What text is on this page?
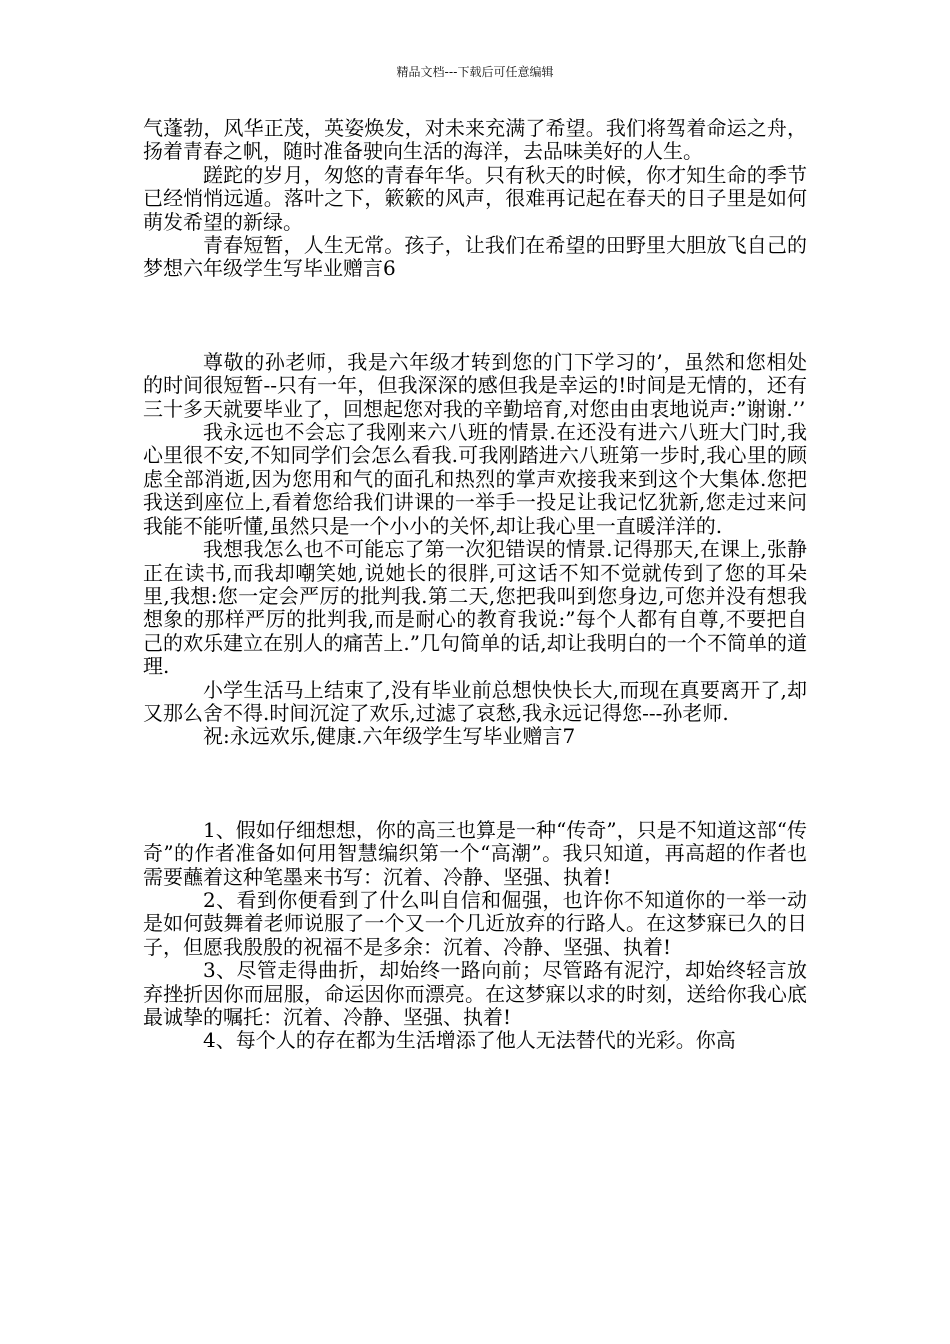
精品文档---下载后可任意编辑

气蓬勃，风华正茂，英姿焕发，对未来充满了希望。我们将驾着命运之舟，扬着青春之帆，随时准备驶向生活的海洋，去品味美好的人生。

蹉跎的岁月，匆悠的青春年华。只有秋天的时候，你才知生命的季节已经悄悄远遁。落叶之下，簌簌的风声，很难再记起在春天的日子里是如何萌发希望的新绿。

青春短暂，人生无常。孩子，让我们在希望的田野里大胆放飞自己的梦想六年级学生写毕业赠言6

尊敬的孙老师，我是六年级才转到您的门下学习的’，虽然和您相处的时间很短暂--只有一年，但我深深的感但我是幸运的!时间是无情的，还有三十多天就要毕业了，回想起您对我的辛勤培育,对您由由衷地说声:”谢谢.’’

我永远也不会忘了我刚来六八班的情景.在还没有进六八班大门时,我心里很不安,不知同学们会怎么看我.可我刚踏进六八班第一步时,我心里的顾虑全部消逝,因为您用和气的面孔和热烈的掌声欢接我来到这个大集体.您把我送到座位上,看着您给我们讲课的一举手一投足让我记忆犹新,您走过来问我能不能听懂,虽然只是一个小小的关怀,却让我心里一直暖洋洋的.

我想我怎么也不可能忘了第一次犯错误的情景.记得那天,在课上,张静正在读书,而我却嘲笑她,说她长的很胖,可这话不知不觉就传到了您的耳朵里,我想:您一定会严厉的批判我.第二天,您把我叫到您身边,可您并没有想我想象的那样严厉的批判我,而是耐心的教育我说:”每个人都有自尊,不要把自己的欢乐建立在别人的痛苦上.”几句简单的话,却让我明白的一个不简单的道理.

小学生活马上结束了,没有毕业前总想快快长大,而现在真要离开了,却又那么舍不得.时间沉淀了欢乐,过滤了哀愁,我永远记得您---孙老师.

祝:永远欢乐,健康.六年级学生写毕业赠言7

1、假如仔细想想，你的高三也算是一种“传奇”，只是不知道这部“传奇”的作者准备如何用智慧编织第一个“高潮”。我只知道，再高超的作者也需要蘸着这种笔墨来书写：沉着、冷静、坚强、执着!

2、看到你便看到了什么叫自信和倔强，也许你不知道你的一举一动是如何鼓舞着老师说服了一个又一个几近放弃的行路人。在这梦寐已久的日子，但愿我殷殷的祝福不是多余：沉着、冷静、坚强、执着!

3、尽管走得曲折，却始终一路向前；尽管路有泥泞，却始终轻言放弃挫折因你而屈服，命运因你而漂亮。在这梦寐以求的时刻，送给你我心底最诚挚的嘱托：沉着、冷静、坚强、执着!

4、每个人的存在都为生活增添了他人无法替代的光彩。你高
